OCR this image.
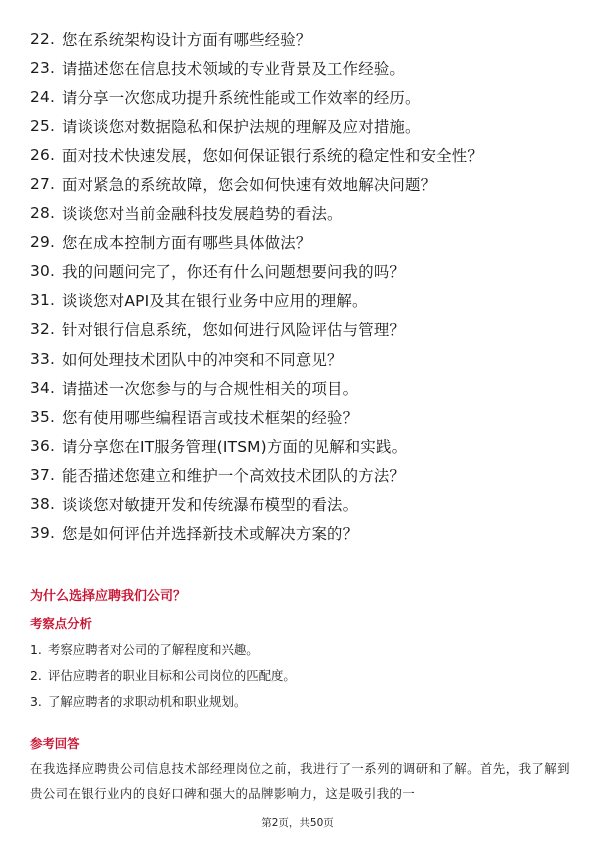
22. 您在系统架构设计方面有哪些经验？
23. 请描述您在信息技术领域的专业背景及工作经验。
24. 请分享一次您成功提升系统性能或工作效率的经历。
25. 请谈谈您对数据隐私和保护法规的理解及应对措施。
26. 面对技术快速发展，您如何保证银行系统的稳定性和安全性？
27. 面对紧急的系统故障，您会如何快速有效地解决问题？
28. 谈谈您对当前金融科技发展趋势的看法。
29. 您在成本控制方面有哪些具体做法？
30. 我的问题问完了，你还有什么问题想要问我的吗？
31. 谈谈您对API及其在银行业务中应用的理解。
32. 针对银行信息系统，您如何进行风险评估与管理？
33. 如何处理技术团队中的冲突和不同意见？
34. 请描述一次您参与的与合规性相关的项目。
35. 您有使用哪些编程语言或技术框架的经验？
36. 请分享您在IT服务管理(ITSM)方面的见解和实践。
37. 能否描述您建立和维护一个高效技术团队的方法？
38. 谈谈您对敏捷开发和传统瀑布模型的看法。
39. 您是如何评估并选择新技术或解决方案的？
为什么选择应聘我们公司？
考察点分析
1. 考察应聘者对公司的了解程度和兴趣。
2. 评估应聘者的职业目标和公司岗位的匹配度。
3. 了解应聘者的求职动机和职业规划。
参考回答

在我选择应聘贵公司信息技术部经理岗位之前，我进行了一系列的调研和了解。首先，我了解到贵公司在银行业内的良好口碑和强大的品牌影响力，这是吸引我的一

第2页，共50页
